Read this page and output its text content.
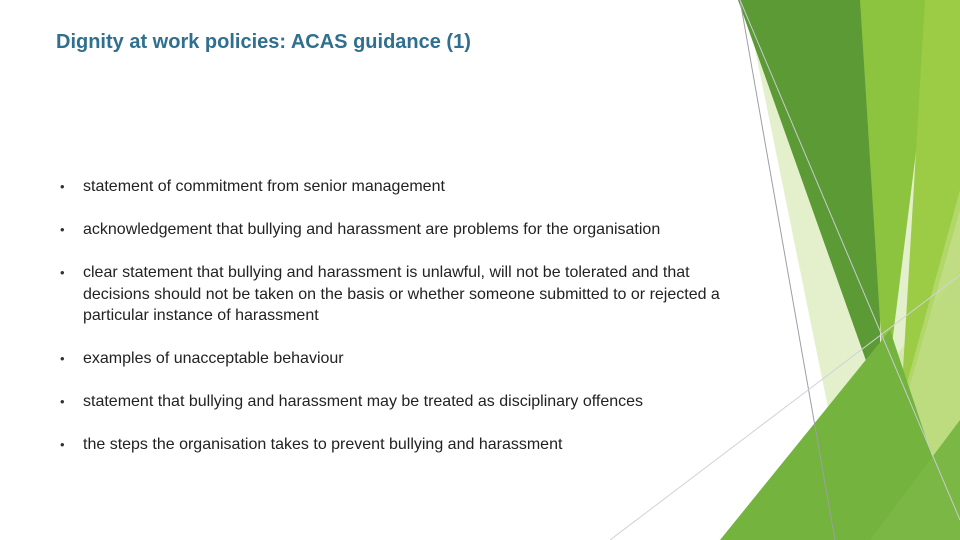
Dignity at work policies: ACAS guidance (1)
• statement of commitment from senior management
• acknowledgement that bullying and harassment are problems for the organisation
• clear statement that bullying and harassment is unlawful, will not be tolerated and that decisions should not be taken on the basis or whether someone submitted to or rejected a particular instance of harassment
• examples of unacceptable behaviour
• statement that bullying and harassment may be treated as disciplinary offences
• the steps the organisation takes to prevent bullying and harassment
